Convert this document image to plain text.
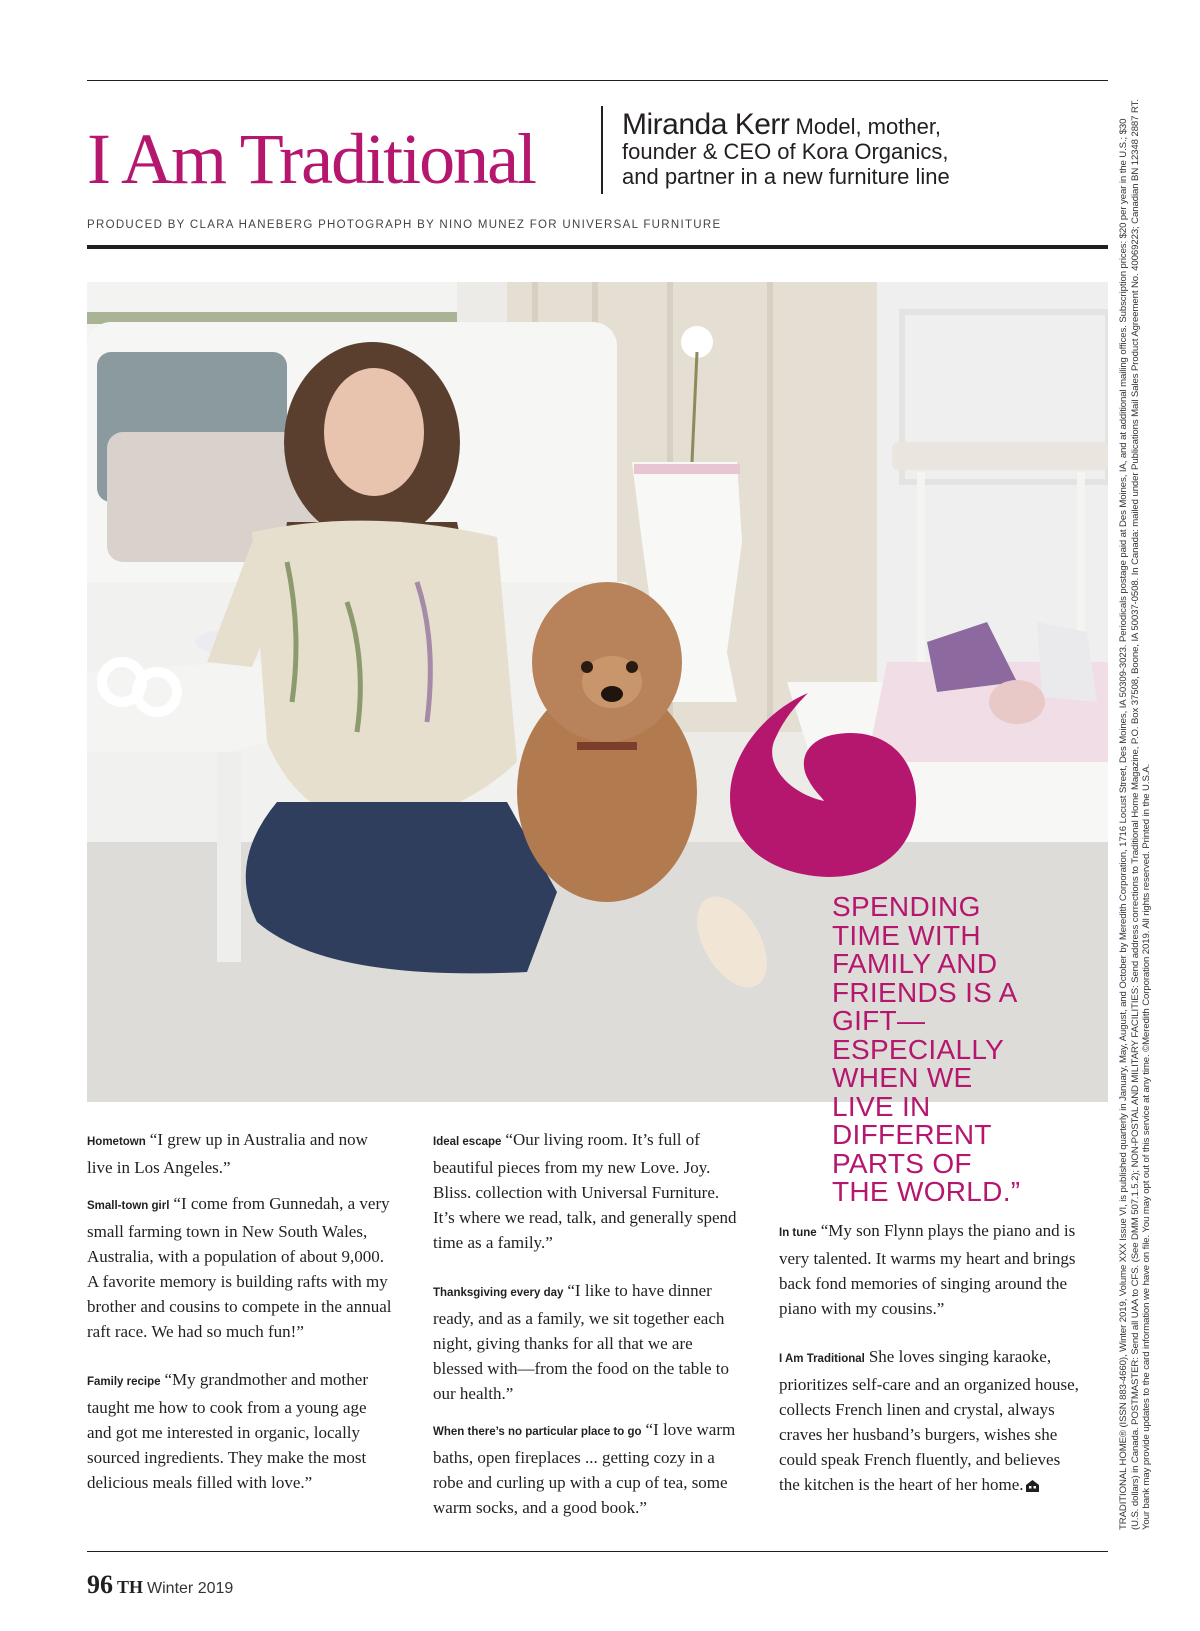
I Am Traditional	Miranda Kerr Model, mother,
founder & CEO of Kora Organics,
and partner in a new furniture line
PRODUCED BY CLARA HANEBERG PHOTOGRAPH BY NINO MUNEZ FOR UNIVERSAL FURNITURE

SPENDING TIME WITH FAMILY AND FRIENDS IS A GIFT—ESPECIALLY WHEN WE LIVE IN DIFFERENT PARTS OF THE WORLD.”

Hometown “I grew up in Australia and now live in Los Angeles.”

Small-town girl “I come from Gunnedah, a very small farming town in New South Wales, Australia, with a population of about 9,000. A favorite memory is building rafts with my brother and cousins to compete in the annual raft race. We had so much fun!”

Family recipe “My grandmother and mother taught me how to cook from a young age and got me interested in organic, locally sourced ingredients. They make the most delicious meals filled with love.”

Ideal escape “Our living room. It’s full of beautiful pieces from my new Love. Joy. Bliss. collection with Universal Furniture. It’s where we read, talk, and generally spend time as a family.”

Thanksgiving every day “I like to have dinner ready, and as a family, we sit together each night, giving thanks for all that we are blessed with—from the food on the table to our health.”

When there’s no particular place to go “I love warm baths, open fireplaces ... getting cozy in a robe and curling up with a cup of tea, some warm socks, and a good book.”

In tune “My son Flynn plays the piano and is very talented. It warms my heart and brings back fond memories of singing around the piano with my cousins.”

I Am Traditional She loves singing karaoke, prioritizes self-care and an organized house, collects French linen and crystal, always craves her husband’s burgers, wishes she could speak French fluently, and believes the kitchen is the heart of her home.

96 TH Winter 2019

TRADITIONAL HOME® (ISSN 883-4660), Winter 2019, Volume XXX Issue VI, is published quarterly in January, May, August, and October by Meredith Corporation, 1716 Locust Street, Des Moines, IA 50309-3023. Periodicals postage paid at Des Moines, IA, and at additional mailing offices. Subscription prices: $20 per year in the U.S.; $30 (U.S. dollars) in Canada. POSTMASTER: Send all UAA to CFS. (See DMM 507.1.5.2); NON-POSTAL AND MILITARY FACILITIES: Send address corrections to Traditional Home Magazine, P.O. Box 37508, Boone, IA 50037-0508. In Canada: mailed under Publications Mail Sales Product Agreement No. 40069223; Canadian BN 12348 2887 RT. Your bank may provide updates to the card information we have on file. You may opt out of this service at any time. ©Meredith Corporation 2019. All rights reserved. Printed in the U.S.A.
